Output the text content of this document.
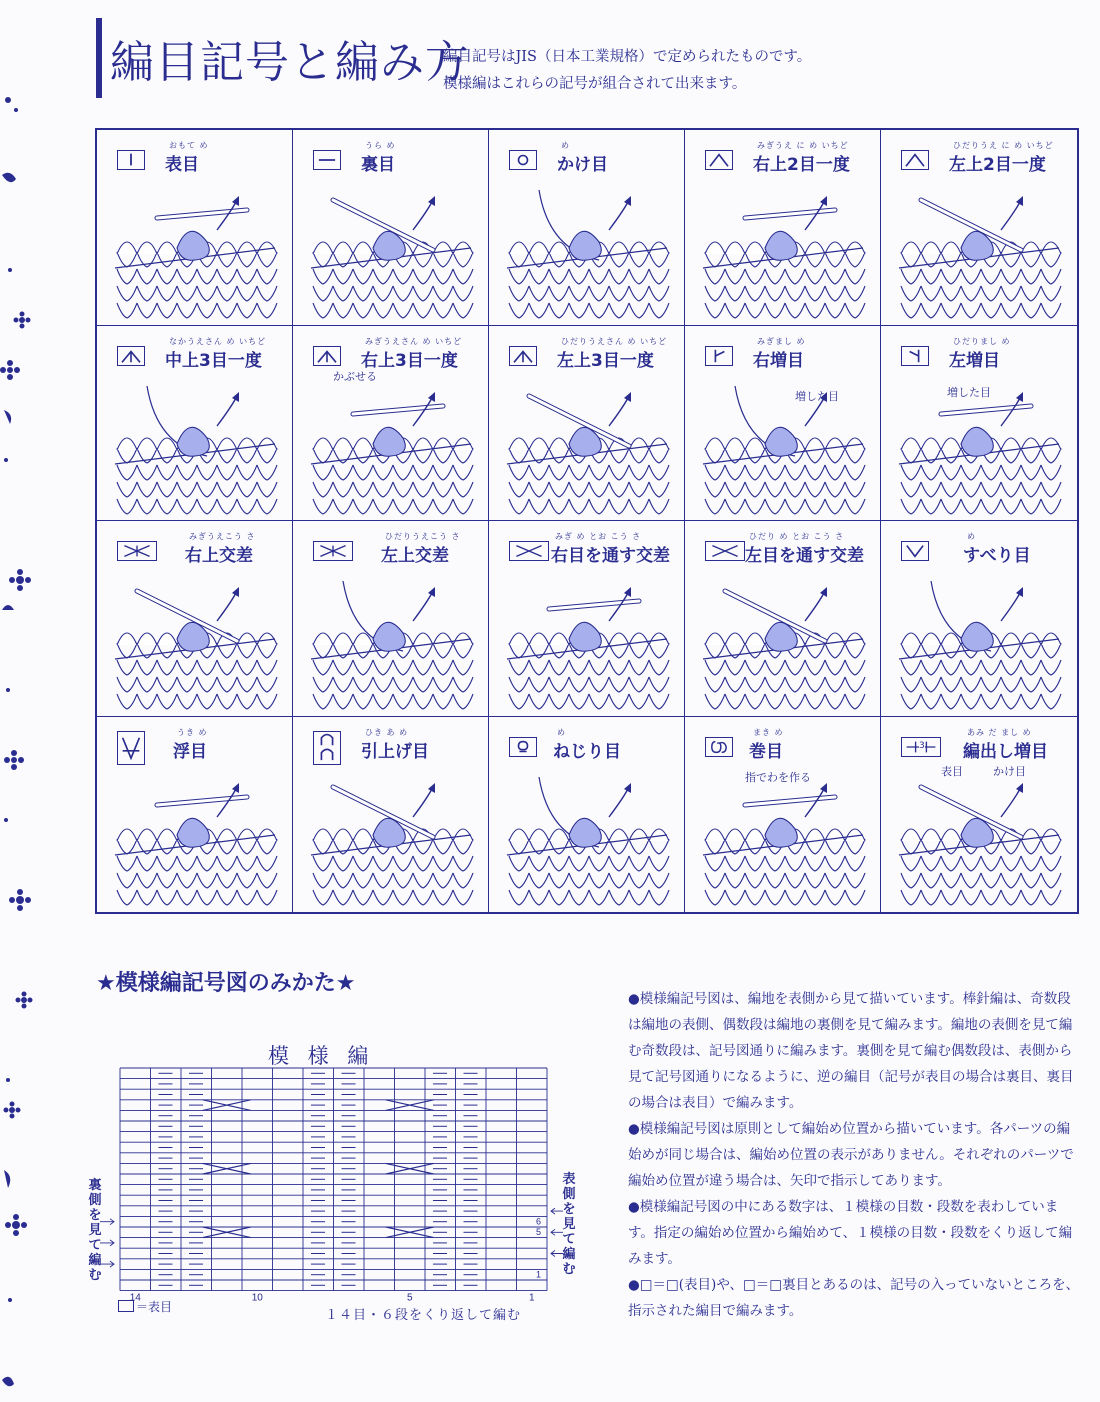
編目記号と編み方
編目記号はJIS（日本工業規格）で定められたものです。
模様編はこれらの記号が組合されて出来ます。
おもて め
表目
うら め
裏目
め
かけ目
みぎうえ に め いちど
右上2目一度
ひだりうえ に め いちど
左上2目一度
なかうえさん め いちど
中上3目一度
みぎうえさん め いちど
右上3目一度
かぶせる
ひだりうえさん め いちど
左上3目一度
みぎまし め
右増目
増した目
ひだりまし め
左増目
増した目
みぎうえこう さ
右上交差
ひだりうえこう さ
左上交差
みぎ め とお こう さ
右目を通す交差
ひだり め とお こう さ
左目を通す交差
め
すべり目
うき め
浮目
ひき あ め
引上げ目
め
ねじり目
まき め
巻目
指でわを作る
3
あみ だ まし め
編出し増目
表目	かけ目
★模様編記号図のみかた★
模 様 編
14	10	5	1
6
5
1
裏側を見て編む
表側を見て編む
＝表目
１４目・６段をくり返して編む

●模様編記号図は、編地を表側から見て描いています。棒針編は、奇数段は編地の表側、偶数段は編地の裏側を見て編みます。編地の表側を見て編む奇数段は、記号図通りに編みます。裏側を見て編む偶数段は、表側から見て記号図通りになるように、逆の編目（記号が表目の場合は裏目、裏目の場合は表目）で編みます。

●模様編記号図は原則として編始め位置から描いています。各パーツの編始めが同じ場合は、編始め位置の表示がありません。それぞれのパーツで編始め位置が違う場合は、矢印で指示してあります。

●模様編記号図の中にある数字は、１模様の目数・段数を表わしています。指定の編始め位置から編始めて、１模様の目数・段数をくり返して編みます。

●□＝□(表目)や、□＝□裏目とあるのは、記号の入っていないところを、指示された編目で編みます。
